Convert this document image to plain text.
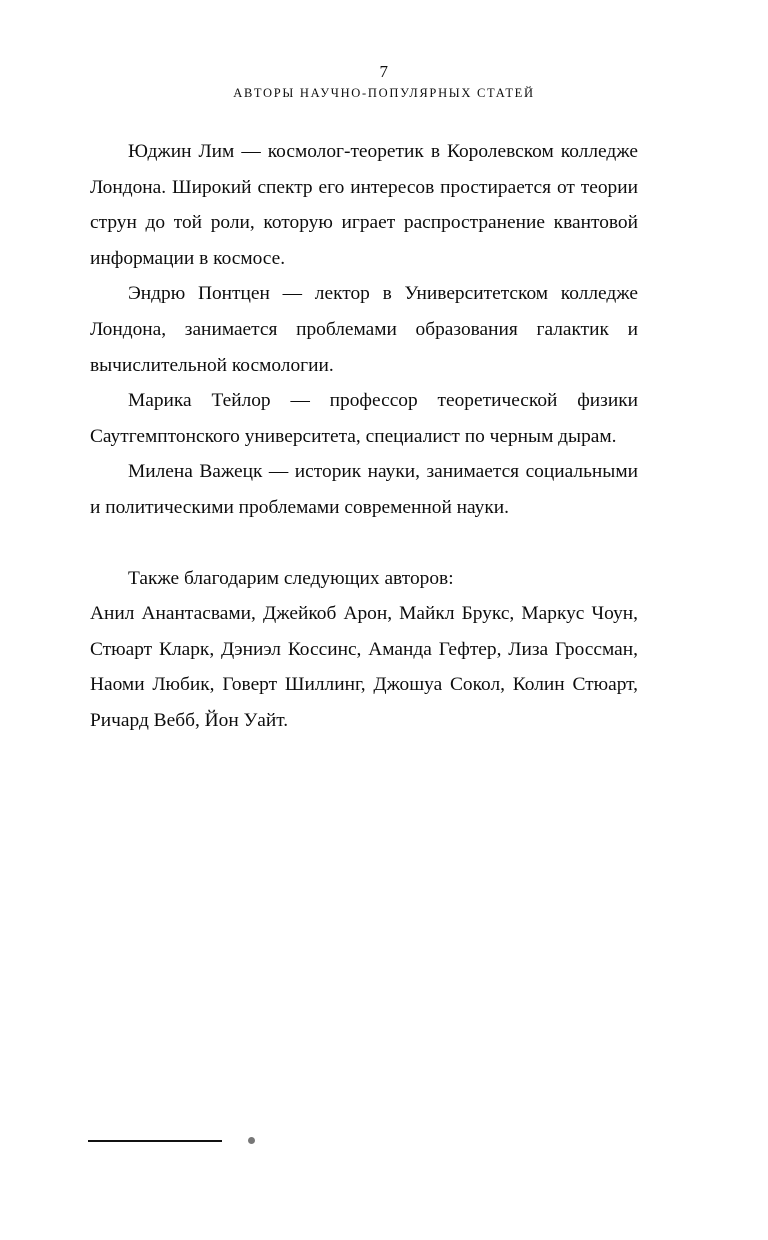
7
АВТОРЫ НАУЧНО-ПОПУЛЯРНЫХ СТАТЕЙ

Юджин Лим — космолог-теоретик в Королевском колледже Лондона. Широкий спектр его интересов простирается от теории струн до той роли, которую играет распространение квантовой информации в космосе.

Эндрю Понтцен — лектор в Университетском колледже Лондона, занимается проблемами образования галактик и вычислительной космологии.

Марика Тейлор — профессор теоретической физики Саутгемптонского университета, специалист по черным дырам.

Милена Важецк — историк науки, занимается социальными и политическими проблемами современной науки.

Также благодарим следующих авторов:

Анил Анантасвами, Джейкоб Арон, Майкл Брукс, Маркус Чоун, Стюарт Кларк, Дэниэл Коссинс, Аманда Гефтер, Лиза Гроссман, Наоми Любик, Говерт Шиллинг, Джошуа Сокол, Колин Стюарт, Ричард Вебб, Йон Уайт.
